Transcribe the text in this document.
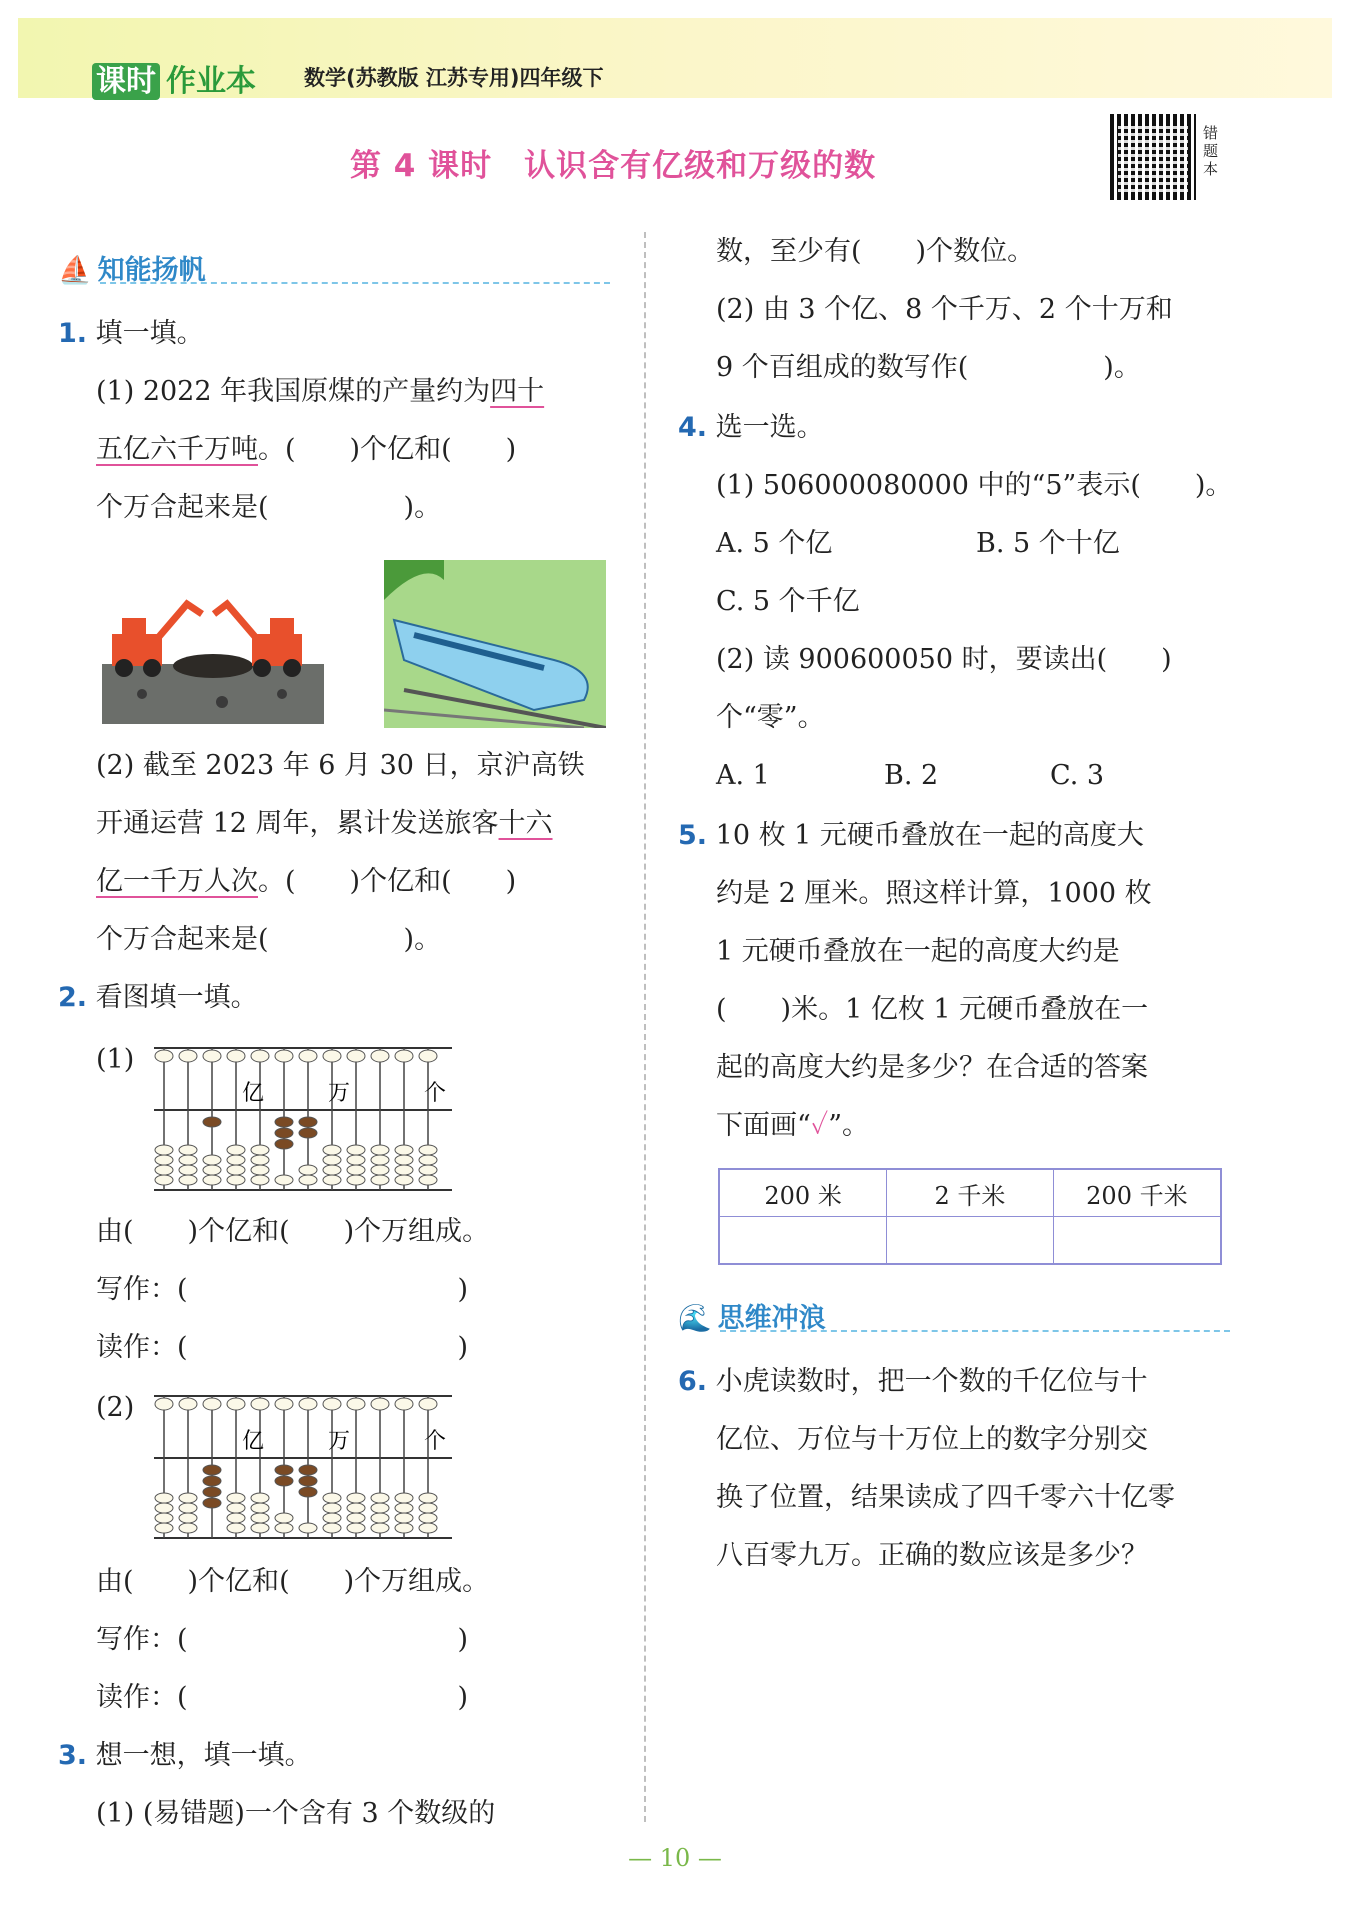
课时 作业本 数学(苏教版 江苏专用)四年级下
第 4 课时　认识含有亿级和万级的数
错题本
⛵ 知能扬帆
1. 填一填。
(1) 2022 年我国原煤的产量约为四十
五亿六千万吨。(　　)个亿和(　　)
个万合起来是(　　　　　)。
(2) 截至 2023 年 6 月 30 日，京沪高铁
开通运营 12 周年，累计发送旅客十六
亿一千万人次。(　　)个亿和(　　)
个万合起来是(　　　　　)。
2. 看图填一填。
(1)
亿	万	个
由(　　)个亿和(　　)个万组成。
写作：(　　　　　　　　　　)
读作：(　　　　　　　　　　)
(2)
亿	万	个
由(　　)个亿和(　　)个万组成。
写作：(　　　　　　　　　　)
读作：(　　　　　　　　　　)
3. 想一想，填一填。
(1) (易错题)一个含有 3 个数级的
数，至少有(　　)个数位。
(2) 由 3 个亿、8 个千万、2 个十万和
9 个百组成的数写作(　　　　　)。
4. 选一选。
(1) 506000080000 中的“5”表示(　　)。
A. 5 个亿	B. 5 个十亿
C. 5 个千亿
(2) 读 900600050 时，要读出(　　)
个“零”。
A. 1	B. 2	C. 3
5. 10 枚 1 元硬币叠放在一起的高度大
约是 2 厘米。照这样计算，1000 枚
1 元硬币叠放在一起的高度大约是
(　　)米。1 亿枚 1 元硬币叠放在一
起的高度大约是多少？在合适的答案
下面画“✓”。
200 米	2 千米	200 千米

🌊 思维冲浪
6. 小虎读数时，把一个数的千亿位与十
亿位、万位与十万位上的数字分别交
换了位置，结果读成了四千零六十亿零
八百零九万。正确的数应该是多少？
— 10 —
